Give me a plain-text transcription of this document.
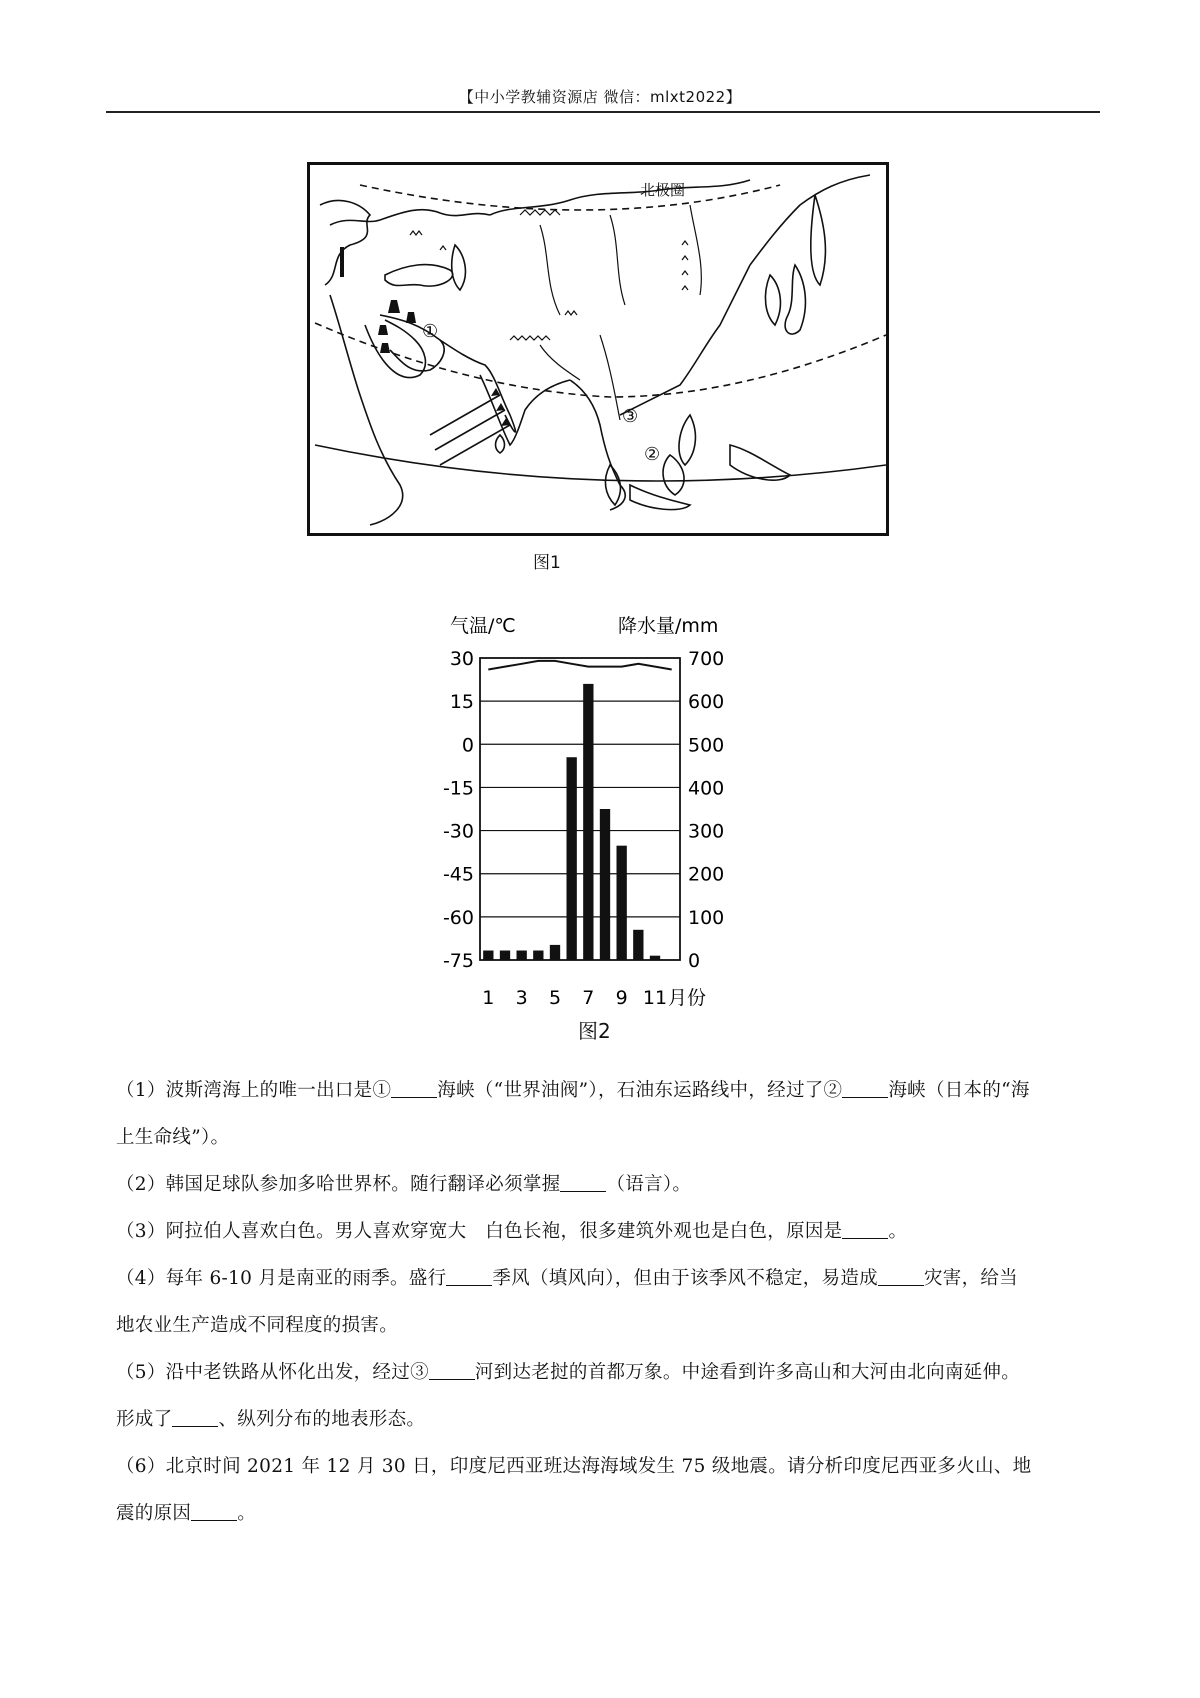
【中小学教辅资源店 微信：mlxt2022】
北极圈
①
②
③
图1
气温/℃	降水量/mm
30
15
0
-15
-30
-45
-60
-75
700
600
500
400
300
200
100
0
1 3 5 7 9 11 月份
图2
（1）波斯湾海上的唯一出口是① 海峡（“世界油阀”），石油东运路线中，经过了② 海峡（日本的“海
上生命线”）。
（2）韩国足球队参加多哈世界杯。随行翻译必须掌握 （语言）。
（3）阿拉伯人喜欢白色。男人喜欢穿宽大　白色长袍，很多建筑外观也是白色，原因是 。
（4）每年 6-10 月是南亚的雨季。盛行 季风（填风向），但由于该季风不稳定，易造成 灾害，给当
地农业生产造成不同程度的损害。
（5）沿中老铁路从怀化出发，经过③ 河到达老挝的首都万象。中途看到许多高山和大河由北向南延伸。
形成了 、纵列分布的地表形态。
（6）北京时间 2021 年 12 月 30 日，印度尼西亚班达海海域发生 75 级地震。请分析印度尼西亚多火山、地
震的原因 。
